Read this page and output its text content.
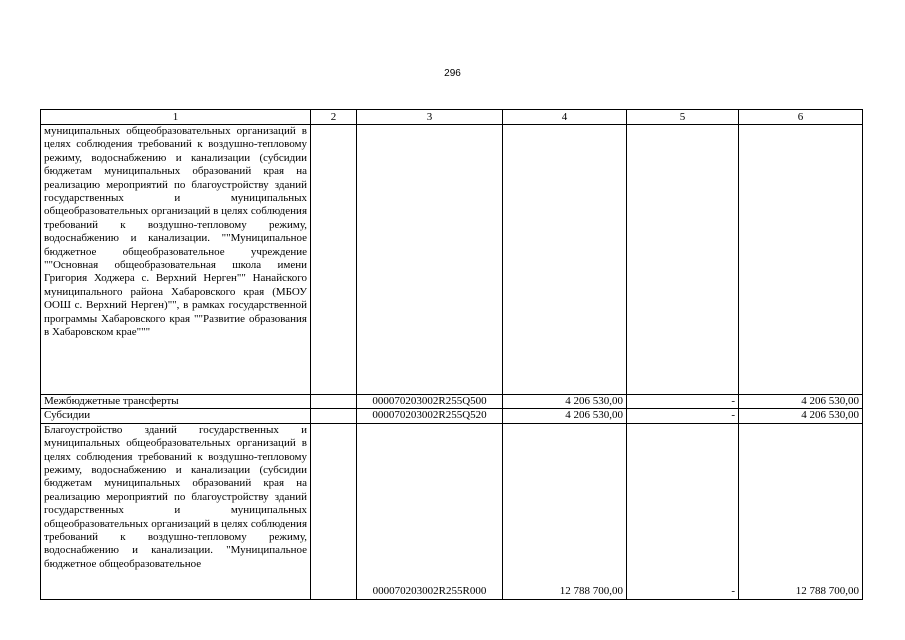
296
1	2	3	4	5	6
муниципальных общеобразовательных организаций в целях соблюдения требований к воздушно-тепловому режиму, водоснабжению и канализации (субсидии бюджетам муниципальных образований края на реализацию мероприятий по благоустройству зданий государственных и муниципальных общеобразовательных организаций в целях соблюдения требований к воздушно-тепловому режиму, водоснабжению и канализации. ""Муниципальное бюджетное общеобразовательное учреждение ""Основная общеобразовательная школа имени Григория Ходжера с. Верхний Нерген"" Нанайского муниципального района Хабаровского края (МБОУ ООШ с. Верхний Нерген)"", в рамках государственной программы Хабаровского края ""Развитие образования в Хабаровском крае"""					
Межбюджетные трансферты		000070203002R255Q500	4 206 530,00	-	4 206 530,00
Субсидии		000070203002R255Q520	4 206 530,00	-	4 206 530,00
Благоустройство зданий государственных и муниципальных общеобразовательных организаций в целях соблюдения требований к воздушно-тепловому режиму, водоснабжению и канализации (субсидии бюджетам муниципальных образований края на реализацию мероприятий по благоустройству зданий государственных и муниципальных общеобразовательных организаций в целях соблюдения требований к воздушно-тепловому режиму, водоснабжению и канализации. "Муниципальное бюджетное общеобразовательное		000070203002R255R000	12 788 700,00	-	12 788 700,00
